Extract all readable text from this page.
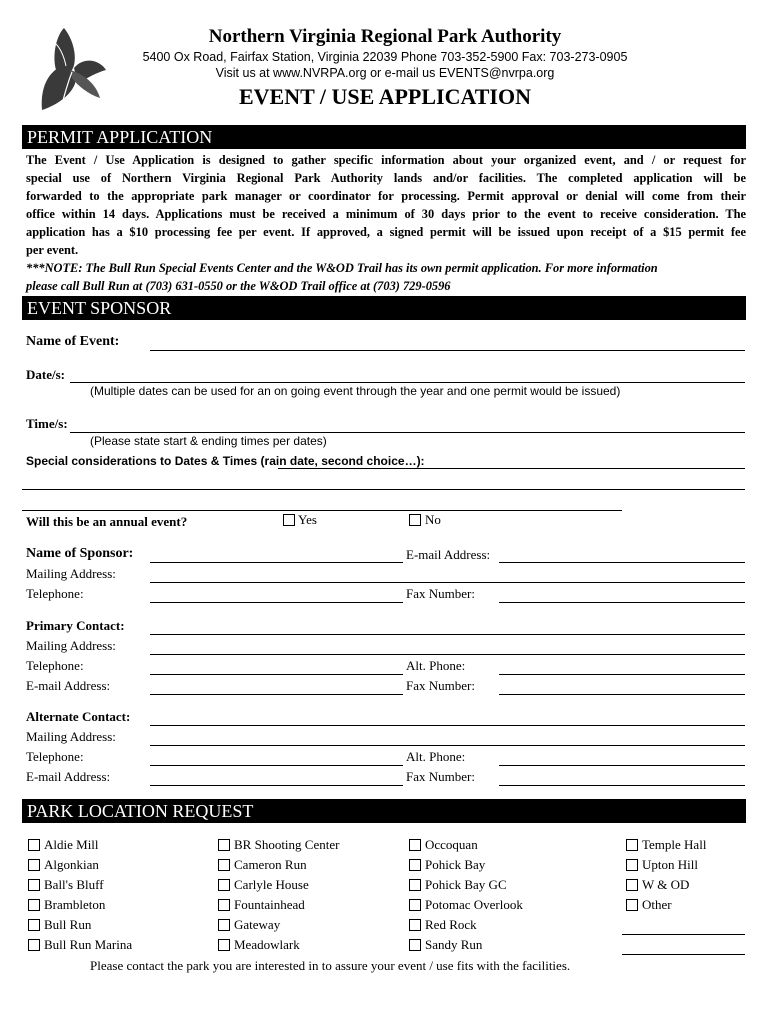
Northern Virginia Regional Park Authority
5400 Ox Road, Fairfax Station, Virginia 22039 Phone 703-352-5900 Fax: 703-273-0905
Visit us at www.NVRPA.org or e-mail us EVENTS@nvrpa.org
EVENT / USE APPLICATION
PERMIT APPLICATION
The Event / Use Application is designed to gather specific information about your organized event, and / or request for
special use of Northern Virginia Regional Park Authority lands and/or facilities. The completed application will be
forwarded to the appropriate park manager or coordinator for processing. Permit approval or denial will come from their
office within 14 days. Applications must be received a minimum of 30 days prior to the event to receive consideration. The
application has a $10 processing fee per event. If approved, a signed permit will be issued upon receipt of a $15 permit fee
per event.
***NOTE: The Bull Run Special Events Center and the W&OD Trail has its own permit application. For more information
please call Bull Run at (703) 631-0550 or the W&OD Trail office at (703) 729-0596
EVENT SPONSOR
Name of Event:
Date/s:
(Multiple dates can be used for an on going event through the year and one permit would be issued)
Time/s:
(Please state start & ending times per dates)
Special considerations to Dates & Times (rain date, second choice…):
Will this be an annual event?	Yes	No
Name of Sponsor:	E-mail Address:
Mailing Address:
Telephone:	Fax Number:
Primary Contact:
Mailing Address:
Telephone:	Alt. Phone:
E-mail Address:	Fax Number:
Alternate Contact:
Mailing Address:
Telephone:	Alt. Phone:
E-mail Address:	Fax Number:
PARK LOCATION REQUEST
Aldie Mill
Algonkian
Ball's Bluff
Brambleton
Bull Run
Bull Run Marina
BR Shooting Center
Cameron Run
Carlyle House
Fountainhead
Gateway
Meadowlark
Occoquan
Pohick Bay
Pohick Bay GC
Potomac Overlook
Red Rock
Sandy Run
Temple Hall
Upton Hill
W & OD
Other
Please contact the park you are interested in to assure your event / use fits with the facilities.
